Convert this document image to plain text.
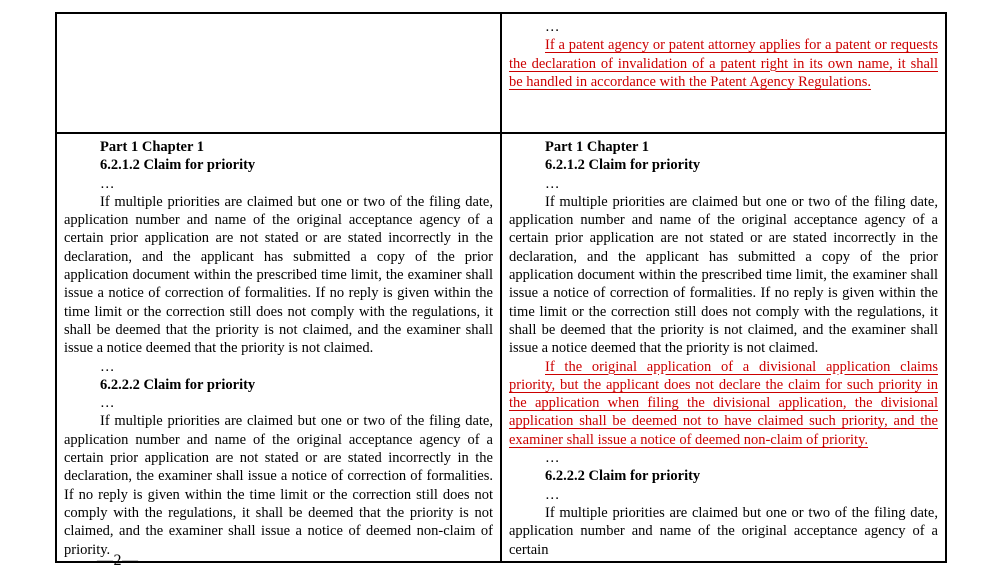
	…

If a patent agency or patent attorney applies for a patent or requests the declaration of invalidation of a patent right in its own name, it shall be handled in accordance with the Patent Agency Regulations.

Part 1 Chapter 1

6.2.1.2 Claim for priority

…

If multiple priorities are claimed but one or two of the filing date, application number and name of the original acceptance agency of a certain prior application are not stated or are stated incorrectly in the declaration, and the applicant has submitted a copy of the prior application document within the prescribed time limit, the examiner shall issue a notice of correction of formalities. If no reply is given within the time limit or the correction still does not comply with the regulations, it shall be deemed that the priority is not claimed, and the examiner shall issue a notice deemed that the priority is not claimed.

…

6.2.2.2 Claim for priority

…

If multiple priorities are claimed but one or two of the filing date, application number and name of the original acceptance agency of a certain prior application are not stated or are stated incorrectly in the declaration, the examiner shall issue a notice of correction of formalities. If no reply is given within the time limit or the correction still does not comply with the regulations, it shall be deemed that the priority is not claimed, and the examiner shall issue a notice of deemed non-claim of priority.

Part 1 Chapter 1

6.2.1.2 Claim for priority

…

If multiple priorities are claimed but one or two of the filing date, application number and name of the original acceptance agency of a certain prior application are not stated or are stated incorrectly in the declaration, and the applicant has submitted a copy of the prior application document within the prescribed time limit, the examiner shall issue a notice of correction of formalities. If no reply is given within the time limit or the correction still does not comply with the regulations, it shall be deemed that the priority is not claimed, and the examiner shall issue a notice deemed that the priority is not claimed.

If the original application of a divisional application claims priority, but the applicant does not declare the claim for such priority in the application when filing the divisional application, the divisional application shall be deemed not to have claimed such priority, and the examiner shall issue a notice of deemed non-claim of priority.

…

6.2.2.2 Claim for priority

…

If multiple priorities are claimed but one or two of the filing date, application number and name of the original acceptance agency of a certain

—2—
